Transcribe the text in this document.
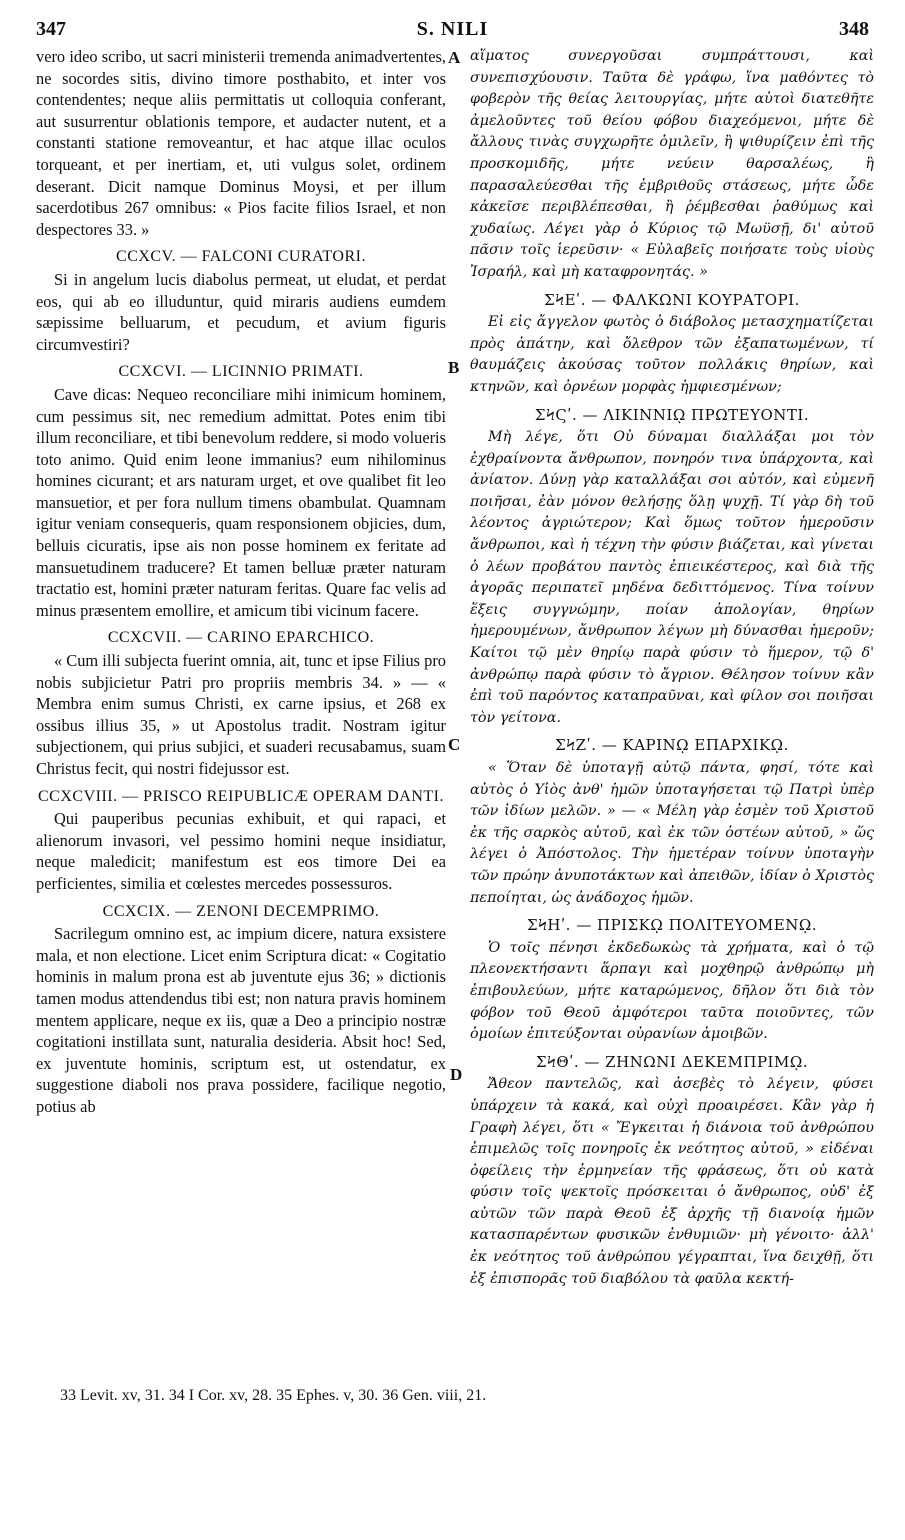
347	S. NILI	348

vero ideo scribo, ut sacri ministerii tremenda animadvertentes, ne socordes sitis, divino timore posthabito, et inter vos contendentes; neque aliis permittatis ut colloquia conferant, aut susurrentur oblationis tempore, et audacter nutent, et a constanti statione removeantur, et hac atque illac oculos torqueant, et per inertiam, et, uti vulgus solet, ordinem deserant. Dicit namque Dominus Moysi, et per illum sacerdotibus 267 omnibus: « Pios facite filios Israel, et non despectores 33. »

CCXCV. — FALCONI CURATORI.

Si in angelum lucis diabolus permeat, ut eludat, et perdat eos, qui ab eo illuduntur, quid miraris audiens eumdem sæpissime belluarum, et pecudum, et avium figuris circumvestiri?

CCXCVI. — LICINNIO PRIMATI.

Cave dicas: Nequeo reconciliare mihi inimicum hominem, cum pessimus sit, nec remedium admittat. Potes enim tibi illum reconciliare, et tibi benevolum reddere, si modo volueris toto animo. Quid enim leone immanius? eum nihilominus homines cicurant; et ars naturam urget, et ove qualibet fit leo mansuetior, et per fora nullum timens obambulat. Quamnam igitur veniam consequeris, quam responsionem objicies, dum, belluis cicuratis, ipse ais non posse hominem ex feritate ad mansuetudinem traducere? Et tamen belluæ præter naturam tractatio est, homini præter naturam feritas. Quare fac velis ad minus præsentem emollire, et amicum tibi vicinum facere.

CCXCVII. — CARINO EPARCHICO.

« Cum illi subjecta fuerint omnia, ait, tunc et ipse Filius pro nobis subjicietur Patri pro propriis membris 34. » — « Membra enim sumus Christi, ex carne ipsius, et 268 ex ossibus illius 35, » ut Apostolus tradit. Nostram igitur subjectionem, qui prius subjici, et suaderi recusabamus, suam Christus fecit, qui nostri fidejussor est.

CCXCVIII. — PRISCO REIPUBLICÆ OPERAM DANTI.

Qui pauperibus pecunias exhibuit, et qui rapaci, et alienorum invasori, vel pessimo homini neque insidiatur, neque maledicit; manifestum est eos timore Dei ea perficientes, similia et cœlestes mercedes possessuros.

CCXCIX. — ZENONI DECEMPRIMO.

Sacrilegum omnino est, ac impium dicere, natura exsistere mala, et non electione. Licet enim Scriptura dicat: « Cogitatio hominis in malum prona est ab juventute ejus 36; » dictionis tamen modus attendendus tibi est; non natura pravis hominem mentem applicare, neque ex iis, quæ a Deo a principio nostræ cogitationi instillata sunt, naturalia desideria. Absit hoc! Sed, ex juventute hominis, scriptum est, ut ostendatur, ex suggestione diaboli nos prava possidere, facilique negotio, potius ab

A
B
C
D

αἵματος συνεργοῦσαι συμπράττουσι, καὶ συνεπισχύουσιν. Ταῦτα δὲ γράφω, ἵνα μαθόντες τὸ φοβερὸν τῆς θείας λειτουργίας, μήτε αὐτοὶ διατεθῆτε ἀμελοῦντες τοῦ θείου φόβου διαχεόμενοι, μήτε δὲ ἄλλους τινὰς συγχωρῆτε ὁμιλεῖν, ἢ ψιθυρίζειν ἐπὶ τῆς προσκομιδῆς, μήτε νεύειν θαρσαλέως, ἢ παρασαλεύεσθαι τῆς ἐμβριθοῦς στάσεως, μήτε ὧδε κἀκεῖσε περιβλέπεσθαι, ἢ ῥέμβεσθαι ῥαθύμως καὶ χυδαίως. Λέγει γὰρ ὁ Κύριος τῷ Μωϋσῇ, δι' αὐτοῦ πᾶσιν τοῖς ἱερεῦσιν· « Εὐλαβεῖς ποιήσατε τοὺς υἱοὺς Ἰσραήλ, καὶ μὴ καταφρονητάς. »

ΣϞΕʹ. — ΦΑΛΚΩΝΙ ΚΟΥΡΑΤΟΡΙ.

Εἰ εἰς ἄγγελον φωτὸς ὁ διάβολος μετασχηματίζεται πρὸς ἀπάτην, καὶ ὄλεθρον τῶν ἐξαπατωμένων, τί θαυμάζεις ἀκούσας τοῦτον πολλάκις θηρίων, καὶ κτηνῶν, καὶ ὀρνέων μορφὰς ἠμφιεσμένων;

ΣϞϚʹ. — ΛΙΚΙΝΝΙῼ ΠΡΩΤΕΥΟΝΤΙ.

Μὴ λέγε, ὅτι Οὐ δύναμαι διαλλάξαι μοι τὸν ἐχθραίνοντα ἄνθρωπον, πονηρόν τινα ὑπάρχοντα, καὶ ἀνίατον. Δύνῃ γὰρ καταλλάξαι σοι αὐτόν, καὶ εὐμενῆ ποιῆσαι, ἐὰν μόνον θελήσῃς ὅλῃ ψυχῇ. Τί γὰρ δὴ τοῦ λέοντος ἀγριώτερον; Καὶ ὅμως τοῦτον ἡμεροῦσιν ἄνθρωποι, καὶ ἡ τέχνη τὴν φύσιν βιάζεται, καὶ γίνεται ὁ λέων προβάτου παντὸς ἐπιεικέστερος, καὶ διὰ τῆς ἀγορᾶς περιπατεῖ μηδένα δεδιττόμενος. Τίνα τοίνυν ἕξεις συγγνώμην, ποίαν ἀπολογίαν, θηρίων ἡμερουμένων, ἄνθρωπον λέγων μὴ δύνασθαι ἡμεροῦν; Καίτοι τῷ μὲν θηρίῳ παρὰ φύσιν τὸ ἥμερον, τῷ δ' ἀνθρώπῳ παρὰ φύσιν τὸ ἄγριον. Θέλησον τοίνυν κἂν ἐπὶ τοῦ παρόντος καταπραῦναι, καὶ φίλον σοι ποιῆσαι τὸν γείτονα.

ΣϞΖʹ. — ΚΑΡΙΝῼ ΕΠΑΡΧΙΚῼ.

« Ὅταν δὲ ὑποταγῇ αὐτῷ πάντα, φησί, τότε καὶ αὐτὸς ὁ Υἱὸς ἀνθ' ἡμῶν ὑποταγήσεται τῷ Πατρὶ ὑπὲρ τῶν ἰδίων μελῶν. » — « Μέλη γὰρ ἐσμὲν τοῦ Χριστοῦ ἐκ τῆς σαρκὸς αὐτοῦ, καὶ ἐκ τῶν ὀστέων αὐτοῦ, » ὥς λέγει ὁ Ἀπόστολος. Τὴν ἡμετέραν τοίνυν ὑποταγὴν τῶν πρώην ἀνυποτάκτων καὶ ἀπειθῶν, ἰδίαν ὁ Χριστὸς πεποίηται, ὡς ἀνάδοχος ἡμῶν.

ΣϞΗʹ. — ΠΡΙΣΚῼ ΠΟΛΙΤΕΥΟΜΕΝῼ.

Ὁ τοῖς πένησι ἐκδεδωκὼς τὰ χρήματα, καὶ ὁ τῷ πλεονεκτήσαντι ἅρπαγι καὶ μοχθηρῷ ἀνθρώπῳ μὴ ἐπιβουλεύων, μήτε καταρώμενος, δῆλον ὅτι διὰ τὸν φόβον τοῦ Θεοῦ ἀμφότεροι ταῦτα ποιοῦντες, τῶν ὁμοίων ἐπιτεύξονται οὐρανίων ἀμοιβῶν.

ΣϞΘʹ. — ΖΗΝΩΝΙ ΔΕΚΕΜΠΡΙΜῼ.

Ἄθεον παντελῶς, καὶ ἀσεβὲς τὸ λέγειν, φύσει ὑπάρχειν τὰ κακά, καὶ οὐχὶ προαιρέσει. Κἂν γὰρ ἡ Γραφὴ λέγει, ὅτι « Ἔγκειται ἡ διάνοια τοῦ ἀνθρώπου ἐπιμελῶς τοῖς πονηροῖς ἐκ νεότητος αὐτοῦ, » εἰδέναι ὀφείλεις τὴν ἑρμηνείαν τῆς φράσεως, ὅτι οὐ κατὰ φύσιν τοῖς ψεκτοῖς πρόσκειται ὁ ἄνθρωπος, οὐδ' ἐξ αὐτῶν τῶν παρὰ Θεοῦ ἐξ ἀρχῆς τῇ διανοίᾳ ἡμῶν κατασπαρέντων φυσικῶν ἐνθυμιῶν· μὴ γένοιτο· ἀλλ' ἐκ νεότητος τοῦ ἀνθρώπου γέγραπται, ἵνα δειχθῇ, ὅτι ἐξ ἐπισπορᾶς τοῦ διαβόλου τὰ φαῦλα κεκτή-

33 Levit. xv, 31. 34 I Cor. xv, 28. 35 Ephes. v, 30. 36 Gen. viii, 21.
